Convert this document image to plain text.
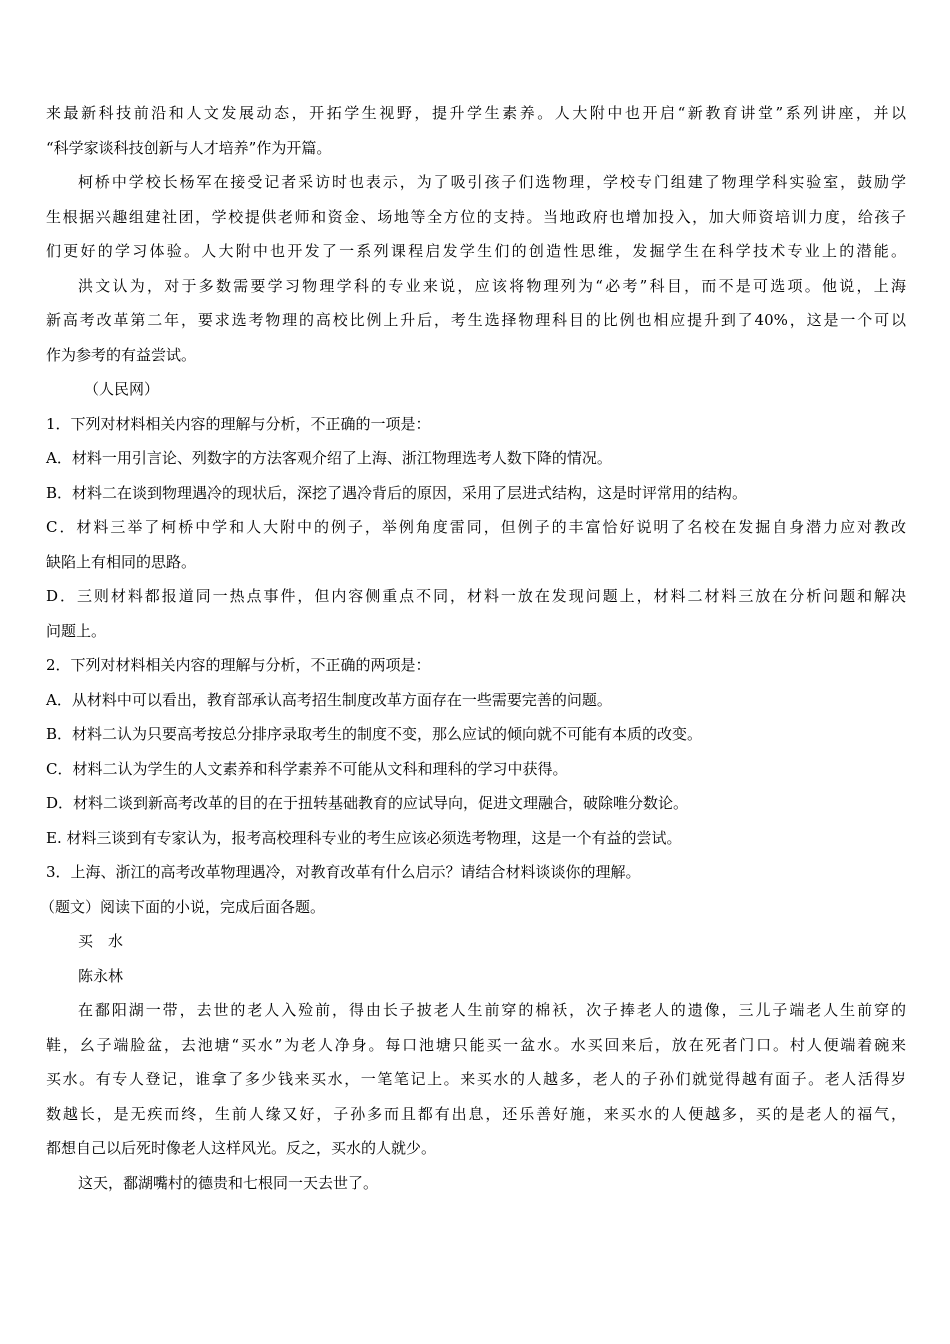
来最新科技前沿和人文发展动态，开拓学生视野，提升学生素养。人大附中也开启“新教育讲堂”系列讲座，并以
“科学家谈科技创新与人才培养”作为开篇。
柯桥中学校长杨军在接受记者采访时也表示，为了吸引孩子们选物理，学校专门组建了物理学科实验室，鼓励学
生根据兴趣组建社团，学校提供老师和资金、场地等全方位的支持。当地政府也增加投入，加大师资培训力度，给孩子
们更好的学习体验。人大附中也开发了一系列课程启发学生们的创造性思维，发掘学生在科学技术专业上的潜能。
洪文认为，对于多数需要学习物理学科的专业来说，应该将物理列为“必考”科目，而不是可选项。他说，上海
新高考改革第二年，要求选考物理的高校比例上升后，考生选择物理科目的比例也相应提升到了40%，这是一个可以
作为参考的有益尝试。
（人民网）
1．下列对材料相关内容的理解与分析，不正确的一项是：
A．材料一用引言论、列数字的方法客观介绍了上海、浙江物理选考人数下降的情况。
B．材料二在谈到物理遇冷的现状后，深挖了遇冷背后的原因，采用了层进式结构，这是时评常用的结构。
C．材料三举了柯桥中学和人大附中的例子，举例角度雷同，但例子的丰富恰好说明了名校在发掘自身潜力应对教改
缺陷上有相同的思路。
D．三则材料都报道同一热点事件，但内容侧重点不同，材料一放在发现问题上，材料二材料三放在分析问题和解决
问题上。
2．下列对材料相关内容的理解与分析，不正确的两项是：
A．从材料中可以看出，教育部承认高考招生制度改革方面存在一些需要完善的问题。
B．材料二认为只要高考按总分排序录取考生的制度不变，那么应试的倾向就不可能有本质的改变。
C．材料二认为学生的人文素养和科学素养不可能从文科和理科的学习中获得。
D．材料二谈到新高考改革的目的在于扭转基础教育的应试导向，促进文理融合，破除唯分数论。
E. 材料三谈到有专家认为，报考高校理科专业的考生应该必须选考物理，这是一个有益的尝试。
3．上海、浙江的高考改革物理遇冷，对教育改革有什么启示？请结合材料谈谈你的理解。
（题文）阅读下面的小说，完成后面各题。
买　水
陈永林
在鄱阳湖一带，去世的老人入殓前，得由长子披老人生前穿的棉袄，次子捧老人的遗像，三儿子端老人生前穿的
鞋，幺子端脸盆，去池塘“买水”为老人净身。每口池塘只能买一盆水。水买回来后，放在死者门口。村人便端着碗来
买水。有专人登记，谁拿了多少钱来买水，一笔笔记上。来买水的人越多，老人的子孙们就觉得越有面子。老人活得岁
数越长，是无疾而终，生前人缘又好，子孙多而且都有出息，还乐善好施，来买水的人便越多，买的是老人的福气，
都想自己以后死时像老人这样风光。反之，买水的人就少。
这天，鄱湖嘴村的德贵和七根同一天去世了。
